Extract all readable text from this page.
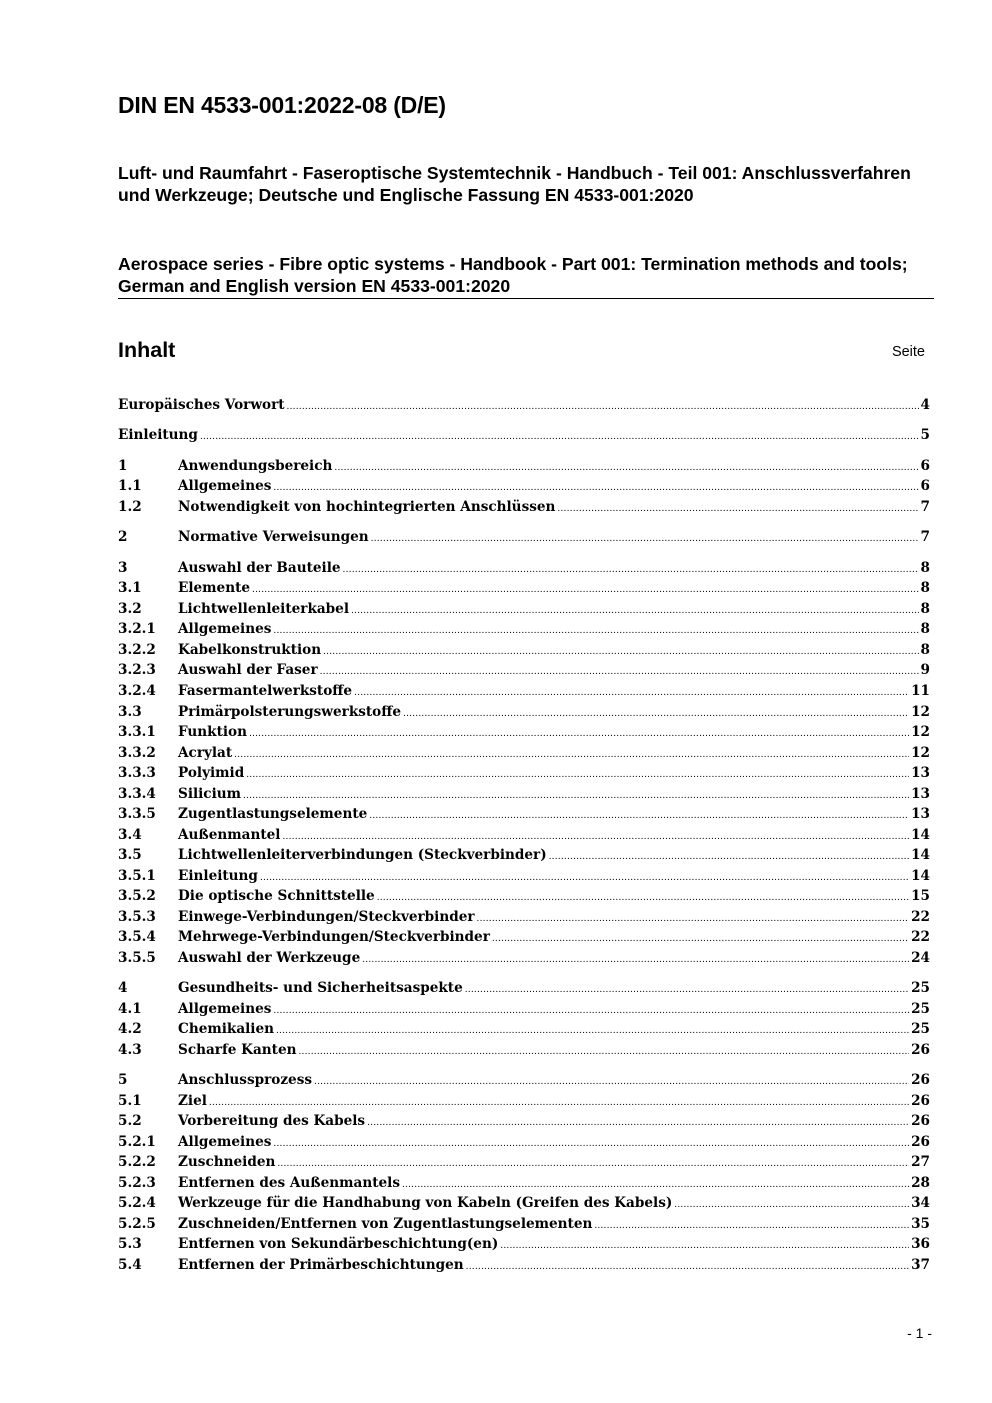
DIN EN 4533-001:2022-08 (D/E)

Luft- und Raumfahrt - Faseroptische Systemtechnik - Handbuch - Teil 001: Anschlussverfahren und Werkzeuge; Deutsche und Englische Fassung EN 4533-001:2020

Aerospace series - Fibre optic systems - Handbook - Part 001: Termination methods and tools; German and English version EN 4533-001:2020

Inhalt	Seite
Europäisches Vorwort .....	4
Einleitung .....	5
1	Anwendungsbereich .....	6
1.1	Allgemeines .....	6
1.2	Notwendigkeit von hochintegrierten Anschlüssen .....	7
2	Normative Verweisungen .....	7
3	Auswahl der Bauteile .....	8
3.1	Elemente .....	8
3.2	Lichtwellenleiterkabel .....	8
3.2.1	Allgemeines .....	8
3.2.2	Kabelkonstruktion .....	8
3.2.3	Auswahl der Faser .....	9
3.2.4	Fasermantelwerkstoffe .....	11
3.3	Primärpolsterungswerkstoffe .....	12
3.3.1	Funktion .....	12
3.3.2	Acrylat .....	12
3.3.3	Polyimid .....	13
3.3.4	Silicium .....	13
3.3.5	Zugentlastungselemente .....	13
3.4	Außenmantel .....	14
3.5	Lichtwellenleiterverbindungen (Steckverbinder) .....	14
3.5.1	Einleitung .....	14
3.5.2	Die optische Schnittstelle .....	15
3.5.3	Einwege-Verbindungen/Steckverbinder .....	22
3.5.4	Mehrwege-Verbindungen/Steckverbinder .....	22
3.5.5	Auswahl der Werkzeuge .....	24
4	Gesundheits- und Sicherheitsaspekte .....	25
4.1	Allgemeines .....	25
4.2	Chemikalien .....	25
4.3	Scharfe Kanten .....	26
5	Anschlussprozess .....	26
5.1	Ziel .....	26
5.2	Vorbereitung des Kabels .....	26
5.2.1	Allgemeines .....	26
5.2.2	Zuschneiden .....	27
5.2.3	Entfernen des Außenmantels .....	28
5.2.4	Werkzeuge für die Handhabung von Kabeln (Greifen des Kabels) .....	34
5.2.5	Zuschneiden/Entfernen von Zugentlastungselementen .....	35
5.3	Entfernen von Sekundärbeschichtung(en) .....	36
5.4	Entfernen der Primärbeschichtungen .....	37
- 1 -
